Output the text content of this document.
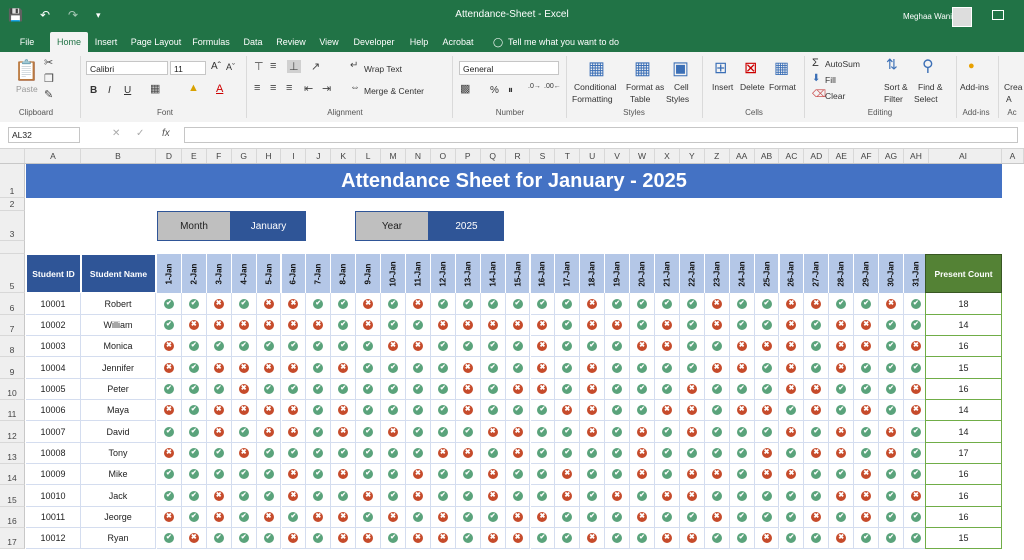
💾 ↶ ↷ ▾	Attendance-Sheet - Excel	Meghaa Wani
File	Home	Insert	Page Layout	Formulas	Data	Review	View	Developer	Help	Acrobat	◯ Tell me what you want to do
📋
Paste
✂
❐
✎
Clipboard
Calibri	11	Aˆ Aˇ
B I U ▦	▲ A
Font
⊤ ≡ ⊥ ↗
≡ ≡ ≡ ⇤ ⇥
↵ Wrap Text
⇔ Merge & Center
Alignment
General
▩ % ⏸ .0→ .00←
Number
▦
Conditional
Formatting
▦
Format as
Table
▣
Cell
Styles
Styles
⊞
Insert
⊠
Delete
▦
Format
Cells
Σ AutoSum
⬇ Fill
⌫
Clear
⇅
Sort &
Filter
⚲
Find &
Select
Editing
●
Add-ins
Add-ins
Crea
A
Ac
AL32	✕ ✓ fx
A	B	D	E	F	G	H	I	J	K	L	M	N	O	P	Q	R	S	T	U	V	W	X	Y	Z	AA	AB	AC	AD	AE	AF	AG	AH	AI	A
1
2
3
5
6
7
8
9
10
11
12
13
14
15
16
17
1-Jan 2-Jan 3-Jan 4-Jan 5-Jan 6-Jan 7-Jan 8-Jan 9-Jan 10-Jan 11-Jan 12-Jan 13-Jan 14-Jan 15-Jan 16-Jan 17-Jan 18-Jan 19-Jan 20-Jan 21-Jan 22-Jan 23-Jan 24-Jan 25-Jan 26-Jan 27-Jan 28-Jan 29-Jan 30-Jan 31-Jan
10001	Robert	✔	✔	✖	✔	✖	✖	✔	✔	✖	✔	✖	✔	✔	✔	✔	✔	✔	✖	✔	✔	✔	✔	✖	✔	✔	✖	✖	✔	✔	✖	✔	18
10002	William	✔	✖	✖	✖	✖	✖	✖	✔	✖	✔	✔	✖	✖	✖	✖	✖	✔	✖	✖	✔	✖	✔	✖	✔	✔	✖	✔	✖	✖	✔	✔	14
10003	Monica	✖	✔	✔	✔	✔	✔	✔	✔	✔	✖	✖	✔	✔	✔	✔	✖	✔	✔	✔	✖	✖	✔	✔	✖	✖	✖	✔	✖	✖	✔	✖	16
10004	Jennifer	✖	✔	✖	✖	✖	✖	✔	✖	✔	✔	✔	✔	✖	✔	✔	✖	✔	✖	✔	✔	✔	✔	✖	✖	✔	✖	✔	✖	✔	✔	✔	15
10005	Peter	✔	✔	✔	✖	✔	✔	✔	✔	✔	✔	✔	✔	✖	✔	✖	✖	✔	✖	✔	✔	✔	✖	✔	✔	✔	✖	✖	✔	✔	✔	✖	16
10006	Maya	✖	✔	✖	✖	✖	✖	✔	✖	✔	✔	✔	✔	✖	✔	✔	✔	✖	✖	✔	✔	✖	✖	✔	✖	✖	✔	✖	✔	✖	✔	✖	14
10007	David	✔	✔	✖	✔	✖	✖	✔	✖	✔	✖	✔	✔	✔	✖	✖	✔	✔	✖	✔	✖	✔	✖	✔	✔	✔	✖	✔	✖	✔	✖	✔	14
10008	Tony	✖	✔	✔	✖	✔	✔	✔	✔	✔	✔	✔	✖	✖	✔	✖	✔	✔	✔	✔	✖	✔	✔	✔	✔	✖	✔	✖	✖	✔	✖	✔	17
10009	Mike	✔	✔	✔	✔	✔	✖	✔	✖	✔	✔	✖	✔	✔	✖	✔	✔	✖	✔	✔	✖	✔	✖	✖	✔	✖	✖	✔	✔	✖	✔	✔	16
10010	Jack	✔	✔	✖	✔	✔	✖	✔	✔	✖	✔	✖	✔	✔	✖	✔	✔	✖	✔	✖	✔	✖	✖	✔	✔	✔	✔	✔	✖	✖	✔	✖	16
10011	Jeorge	✖	✔	✖	✔	✖	✔	✖	✖	✔	✖	✔	✖	✔	✔	✖	✖	✔	✔	✔	✖	✔	✔	✖	✔	✔	✔	✖	✔	✖	✔	✔	16
10012	Ryan	✔	✖	✔	✔	✔	✖	✔	✖	✖	✔	✖	✖	✔	✖	✖	✔	✔	✖	✔	✔	✖	✖	✔	✔	✖	✔	✔	✖	✔	✔	✔	15
Attendance Sheet for January - 2025
Month	January	Year	2025
Student ID	Student Name	Present Count
